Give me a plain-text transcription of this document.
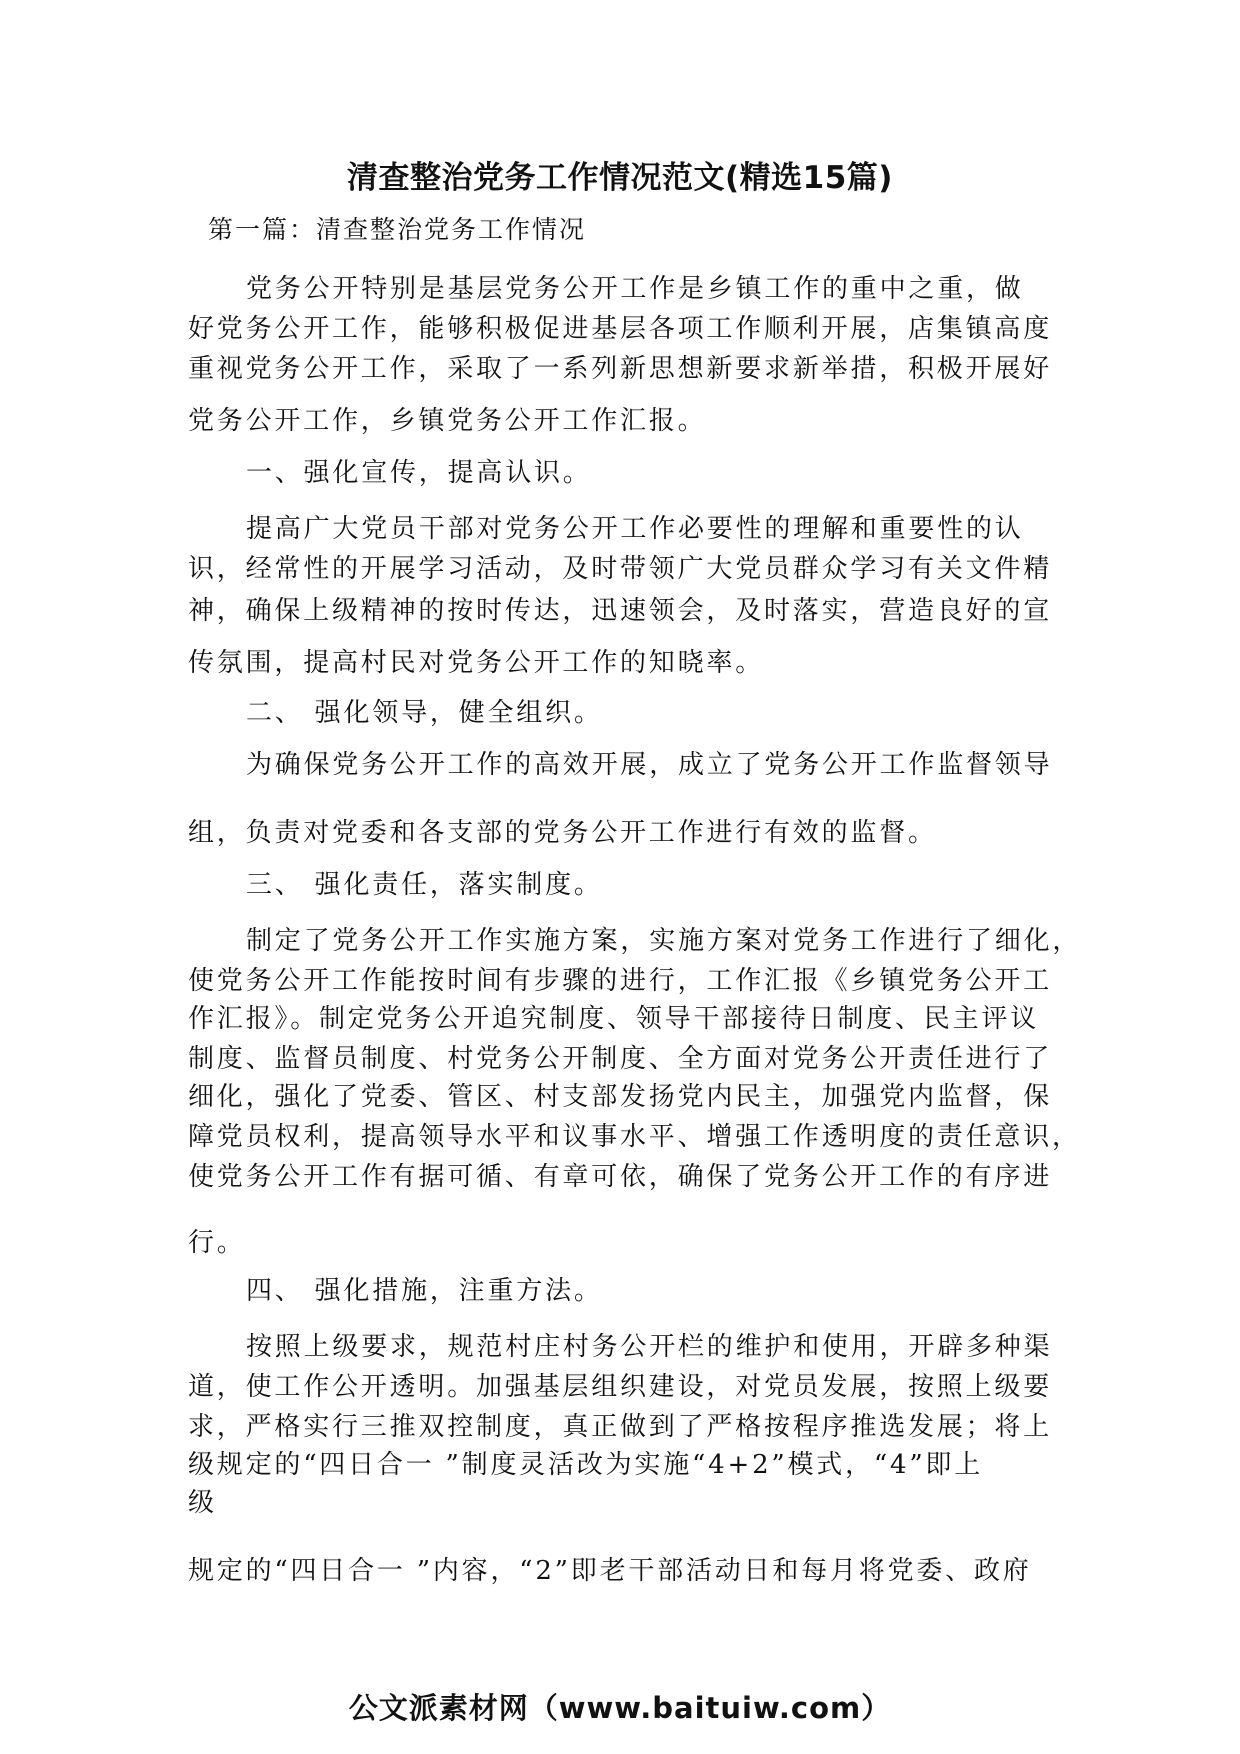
清查整治党务工作情况范文(精选15篇)
第一篇：清查整治党务工作情况
党务公开特别是基层党务公开工作是乡镇工作的重中之重，做
好党务公开工作，能够积极促进基层各项工作顺利开展，店集镇高度
重视党务公开工作，采取了一系列新思想新要求新举措，积极开展好
党务公开工作，乡镇党务公开工作汇报。
一、强化宣传，提高认识。
提高广大党员干部对党务公开工作必要性的理解和重要性的认
识，经常性的开展学习活动，及时带领广大党员群众学习有关文件精
神，确保上级精神的按时传达，迅速领会，及时落实，营造良好的宣
传氛围，提高村民对党务公开工作的知晓率。
二、 强化领导，健全组织。
为确保党务公开工作的高效开展，成立了党务公开工作监督领导
组，负责对党委和各支部的党务公开工作进行有效的监督。
三、 强化责任，落实制度。
制定了党务公开工作实施方案，实施方案对党务工作进行了细化，
使党务公开工作能按时间有步骤的进行，工作汇报《乡镇党务公开工
作汇报》。制定党务公开追究制度、领导干部接待日制度、民主评议
制度、监督员制度、村党务公开制度、全方面对党务公开责任进行了
细化，强化了党委、管区、村支部发扬党内民主，加强党内监督，保
障党员权利，提高领导水平和议事水平、增强工作透明度的责任意识，
使党务公开工作有据可循、有章可依，确保了党务公开工作的有序进
行。
四、 强化措施，注重方法。
按照上级要求，规范村庄村务公开栏的维护和使用，开辟多种渠
道，使工作公开透明。加强基层组织建设，对党员发展，按照上级要
求，严格实行三推双控制度，真正做到了严格按程序推选发展；将上
级规定的“四日合一 ”制度灵活改为实施“4+2”模式，“4”即上
级
规定的“四日合一 ”内容，“2”即老干部活动日和每月将党委、政府
公文派素材网（www.baituiw.com）
